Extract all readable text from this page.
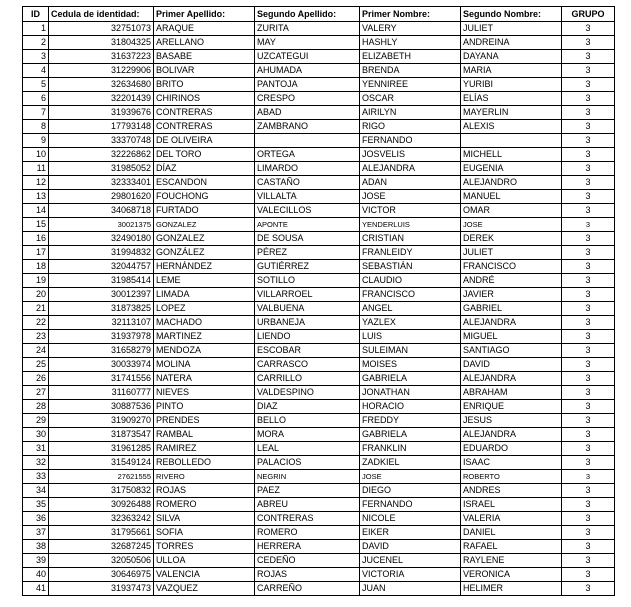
ID	Cedula de identidad:	Primer Apellido:	Segundo Apellido:	Primer Nombre:	Segundo Nombre:	GRUPO
1	32751073	ARAQUE	ZURITA	VALERY	JULIET	3
2	31804325	ARELLANO	MAY	HASHLY	ANDREINA	3
3	31637223	BASABE	UZCATEGUI	ELIZABETH	DAYANA	3
4	31229906	BOLIVAR	AHUMADA	BRENDA	MARIA	3
5	32634680	BRITO	PANTOJA	YENNIREE	YURIBI	3
6	32201439	CHIRINOS	CRESPO	OSCAR	ELÍAS	3
7	31939676	CONTRERAS	ABAD	AIRILYN	MAYERLIN	3
8	17793148	CONTRERAS	ZAMBRANO	RIGO	ALEXIS	3
9	33370748	DE OLIVEIRA		FERNANDO		3
10	32226862	DEL TORO	ORTEGA	JOSVELIS	MICHELL	3
11	31985052	DÍAZ	LIMARDO	ALEJANDRA	EUGENIA	3
12	32333401	ESCANDON	CASTAÑO	ADAN	ALEJANDRO	3
13	29801620	FOUCHONG	VILLALTA	JOSE	MANUEL	3
14	34068718	FURTADO	VALECILLOS	VICTOR	OMAR	3
15	30021375	GONZALEZ	APONTE	YENDERLUIS	JOSE	3
16	32490180	GONZALEZ	DE SOUSA	CRISTIAN	DEREK	3
17	31994832	GONZÁLEZ	PÉREZ	FRANLEIDY	JULIET	3
18	32044757	HERNÁNDEZ	GUTIÉRREZ	SEBASTIÁN	FRANCISCO	3
19	31985414	LEME	SOTILLO	CLAUDIO	ANDRÉ	3
20	30012397	LIMADA	VILLARROEL	FRANCISCO	JAVIER	3
21	31873825	LOPEZ	VALBUENA	ANGEL	GABRIEL	3
22	32113107	MACHADO	URBANEJA	YAZLEX	ALEJANDRA	3
23	31937978	MARTINEZ	LIENDO	LUIS	MIGUEL	3
24	31658279	MENDOZA	ESCOBAR	SULEIMAN	SANTIAGO	3
25	30033974	MOLINA	CARRASCO	MOISES	DAVID	3
26	31741556	NATERA	CARRILLO	GABRIELA	ALEJANDRA	3
27	31160777	NIEVES	VALDESPINO	JONATHAN	ABRAHAM	3
28	30887536	PINTO	DIAZ	HORACIO	ENRIQUE	3
29	31909270	PRENDES	BELLO	FREDDY	JESUS	3
30	31873547	RAMBAL	MORA	GABRIELA	ALEJANDRA	3
31	31961285	RAMIREZ	LEAL	FRANKLIN	EDUARDO	3
32	31549124	REBOLLEDO	PALACIOS	ZADKIEL	ISAAC	3
33	27621555	RIVERO	NEGRIN	JOSE	ROBERTO	3
34	31750832	ROJAS	PAEZ	DIEGO	ANDRES	3
35	30926488	ROMERO	ABREU	FERNANDO	ISRAEL	3
36	32363242	SILVA	CONTRERAS	NICOLE	VALERIA	3
37	31795661	SOFIA	ROMERO	EIKER	DANIEL	3
38	32687245	TORRES	HERRERA	DAVID	RAFAEL	3
39	32050506	ULLOA	CEDEÑO	JUCENEL	RAYLENE	3
40	30646975	VALENCIA	ROJAS	VICTORIA	VERONICA	3
41	31937473	VAZQUEZ	CARREÑO	JUAN	HELIMER	3
